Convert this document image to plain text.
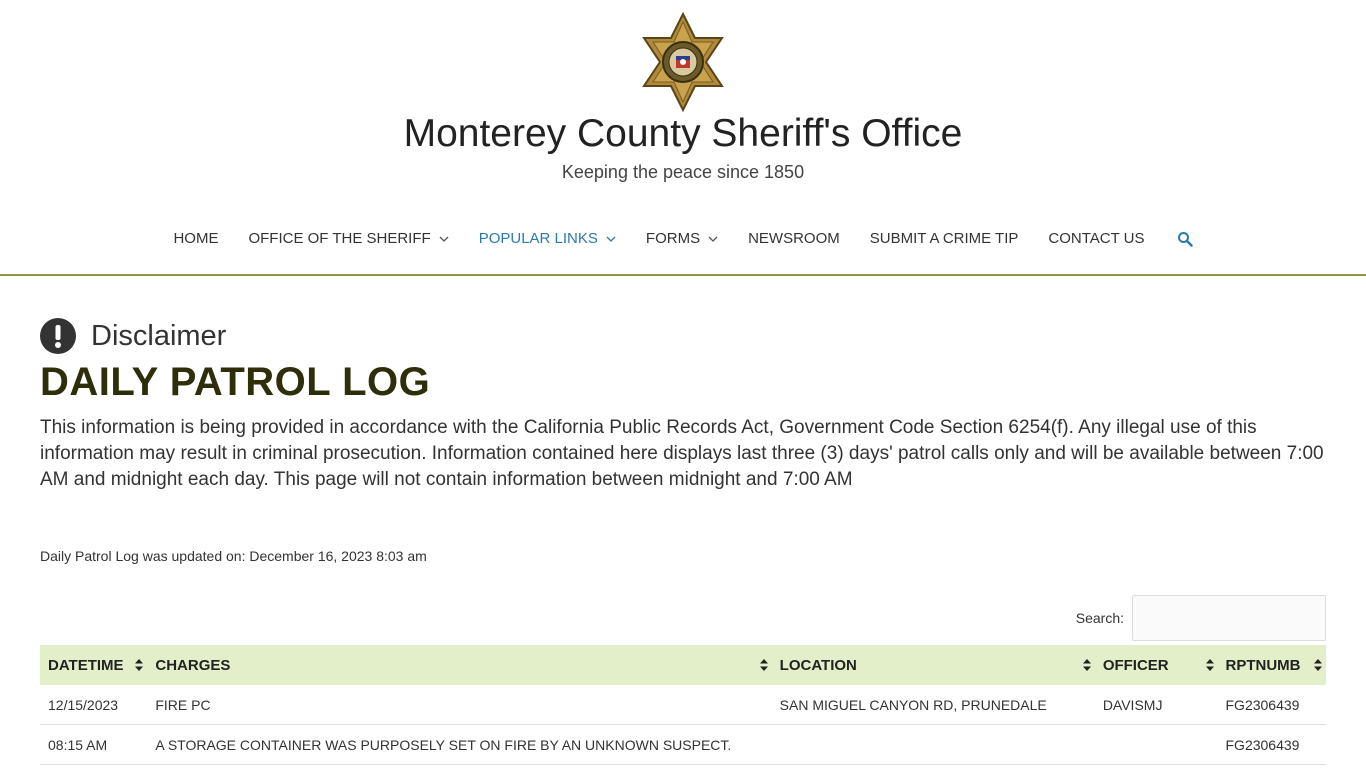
Monterey County Sheriff's Office
Keeping the peace since 1850
HOME OFFICE OF THE SHERIFF	POPULAR LINKS	FORMS	NEWSROOM SUBMIT A CRIME TIP CONTACT US
Disclaimer
DAILY PATROL LOG
This information is being provided in accordance with the California Public Records Act, Government Code Section 6254(f). Any illegal use of this information may result in criminal prosecution. Information contained here displays last three (3) days' patrol calls only and will be available between 7:00 AM and midnight each day. This page will not contain information between midnight and 7:00 AM
Daily Patrol Log was updated on: December 16, 2023 8:03 am
Search:
DATETIME	CHARGES	LOCATION	OFFICER	RPTNUMB

12/15/2023	FIRE PC	SAN MIGUEL CANYON RD, PRUNEDALE	DAVISMJ	FG2306439
08:15 AM	A STORAGE CONTAINER WAS PURPOSELY SET ON FIRE BY AN UNKNOWN SUSPECT.			FG2306439
